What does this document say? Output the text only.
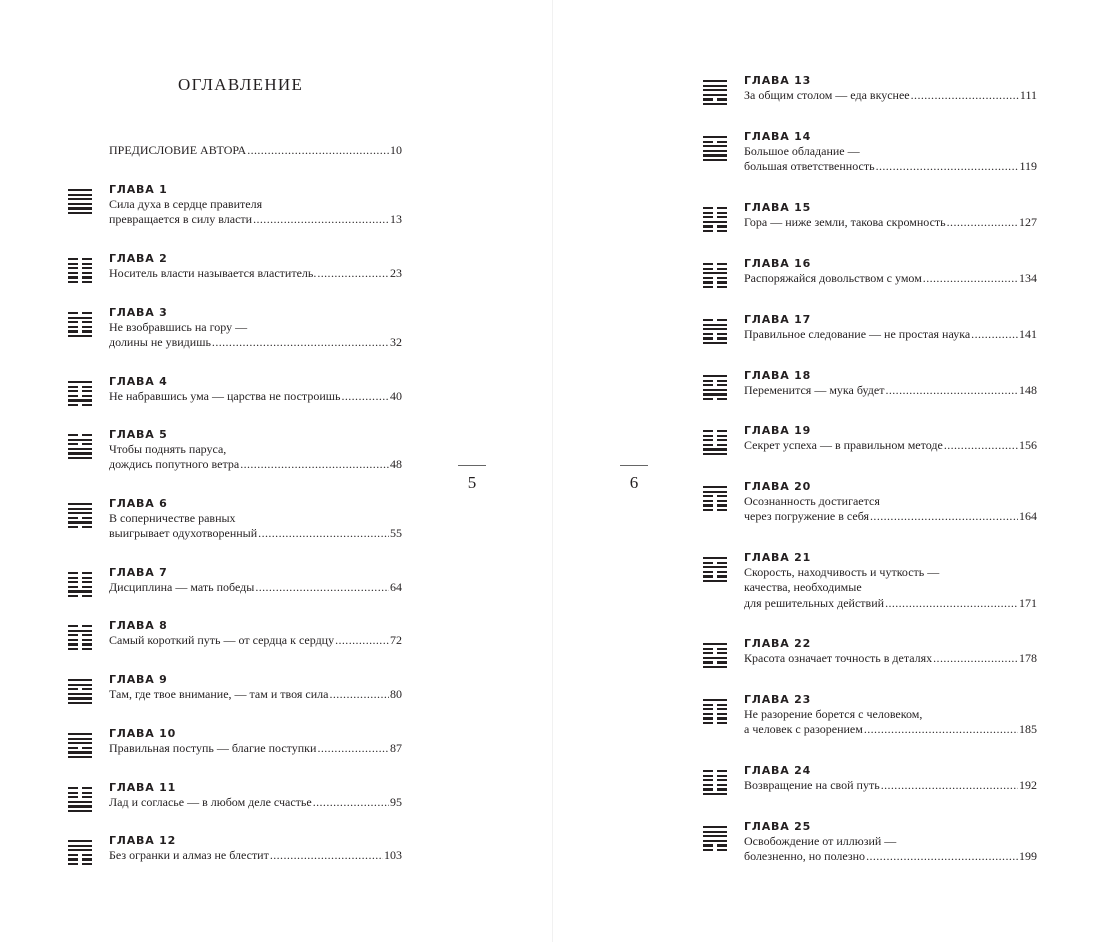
ОГЛАВЛЕНИЕ
ПРЕДИСЛОВИЕ АВТОРА .....	10
ГЛАВА 1
Сила духа в сердце правителя
превращается в силу власти .....	13
ГЛАВА 2
Носитель власти называется властитель. .....	23
ГЛАВА 3
Не взобравшись на гору —
долины не увидишь .....	32
ГЛАВА 4
Не набравшись ума — царства не построишь .....	40
ГЛАВА 5
Чтобы поднять паруса,
дождись попутного ветра .....	48
ГЛАВА 6
В соперничестве равных
выигрывает одухотворенный .....	55
ГЛАВА 7
Дисциплина — мать победы .....	64
ГЛАВА 8
Самый короткий путь — от сердца к сердцу .....	72
ГЛАВА 9
Там, где твое внимание, — там и твоя сила .....	80
ГЛАВА 10
Правильная поступь — благие поступки .....	87
ГЛАВА 11
Лад и согласье — в любом деле счастье .....	95
ГЛАВА 12
Без огранки и алмаз не блестит .....	103
5
ГЛАВА 13
За общим столом — еда вкуснее .....	111
ГЛАВА 14
Большое обладание —
большая ответственность .....	119
ГЛАВА 15
Гора — ниже земли, такова скромность .....	127
ГЛАВА 16
Распоряжайся довольством с умом .....	134
ГЛАВА 17
Правильное следование — не простая наука .....	141
ГЛАВА 18
Переменится — мука будет .....	148
ГЛАВА 19
Секрет успеха — в правильном методе .....	156
ГЛАВА 20
Осознанность достигается
через погружение в себя .....	164
ГЛАВА 21
Скорость, находчивость и чуткость —
качества, необходимые
для решительных действий .....	171
ГЛАВА 22
Красота означает точность в деталях .....	178
ГЛАВА 23
Не разорение борется с человеком,
а человек с разорением .....	185
ГЛАВА 24
Возвращение на свой путь .....	192
ГЛАВА 25
Освобождение от иллюзий —
болезненно, но полезно .....	199
6
